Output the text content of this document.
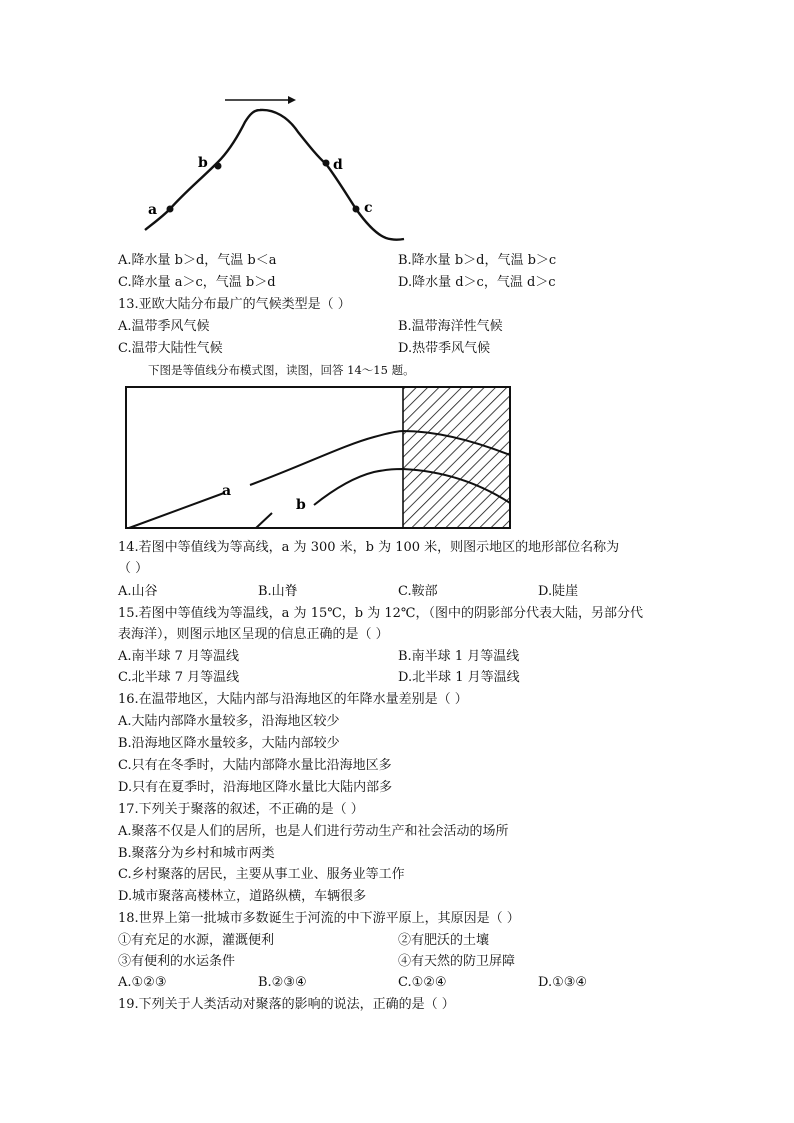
a
b	d
c
A.降水量 b＞d，气温 b＜a	B.降水量 b＞d，气温 b＞c
C.降水量 a＞c，气温 b＞d	D.降水量 d＞c，气温 d＞c
13.亚欧大陆分布最广的气候类型是（ ）
A.温带季风气候	B.温带海洋性气候
C.温带大陆性气候	D.热带季风气候
下图是等值线分布模式图，读图，回答 14～15 题。
a
b
14.若图中等值线为等高线，a 为 300 米，b 为 100 米，则图示地区的地形部位名称为
（ ）
A.山谷	B.山脊	C.鞍部	D.陡崖
15.若图中等值线为等温线，a 为 15℃，b 为 12℃，（图中的阴影部分代表大陆，另部分代
表海洋），则图示地区呈现的信息正确的是（ ）
A.南半球 7 月等温线	B.南半球 1 月等温线
C.北半球 7 月等温线	D.北半球 1 月等温线
16.在温带地区，大陆内部与沿海地区的年降水量差别是（ ）
A.大陆内部降水量较多，沿海地区较少
B.沿海地区降水量较多，大陆内部较少
C.只有在冬季时，大陆内部降水量比沿海地区多
D.只有在夏季时，沿海地区降水量比大陆内部多
17.下列关于聚落的叙述，不正确的是（ ）
A.聚落不仅是人们的居所，也是人们进行劳动生产和社会活动的场所
B.聚落分为乡村和城市两类
C.乡村聚落的居民，主要从事工业、服务业等工作
D.城市聚落高楼林立，道路纵横，车辆很多
18.世界上第一批城市多数诞生于河流的中下游平原上，其原因是（ ）
①有充足的水源，灌溉便利	②有肥沃的土壤
③有便利的水运条件	④有天然的防卫屏障
A.①②③	B.②③④	C.①②④	D.①③④
19.下列关于人类活动对聚落的影响的说法，正确的是（ ）
